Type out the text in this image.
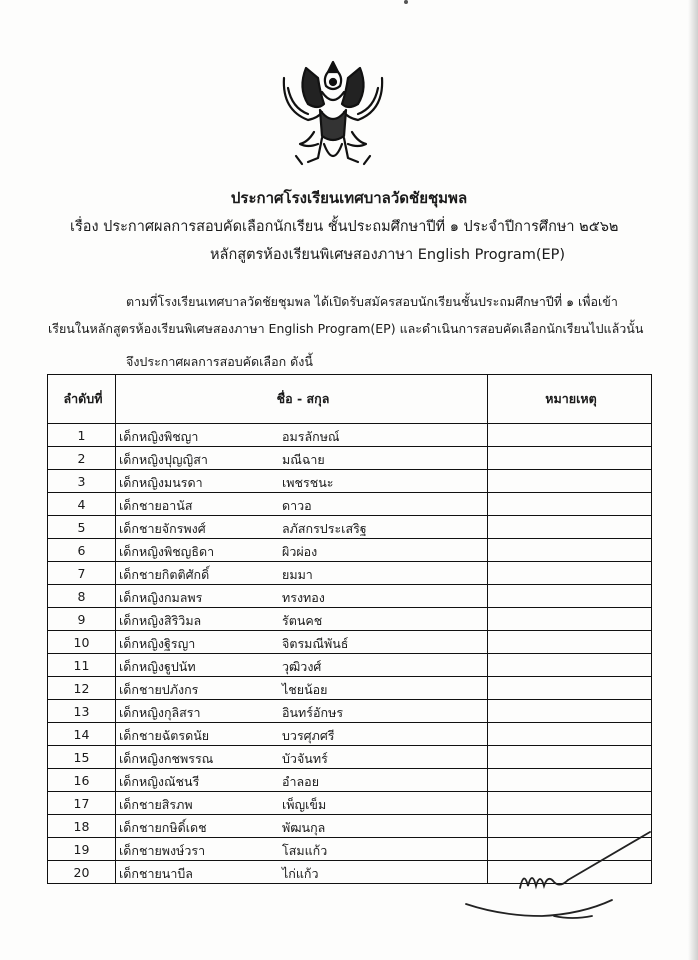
ประกาศโรงเรียนเทศบาลวัดชัยชุมพล
เรื่อง ประกาศผลการสอบคัดเลือกนักเรียน ชั้นประถมศึกษาปีที่ ๑ ประจำปีการศึกษา ๒๕๖๒
หลักสูตรห้องเรียนพิเศษสองภาษา English Program(EP)
ตามที่โรงเรียนเทศบาลวัดชัยชุมพล ได้เปิดรับสมัครสอบนักเรียนชั้นประถมศึกษาปีที่ ๑ เพื่อเข้า
เรียนในหลักสูตรห้องเรียนพิเศษสองภาษา English Program(EP) และดำเนินการสอบคัดเลือกนักเรียนไปแล้วนั้น
จึงประกาศผลการสอบคัดเลือก ดังนี้
ลำดับที่	ชื่อ - สกุล	หมายเหตุ
1	เด็กหญิงพิชญา อมรลักษณ์	

2	เด็กหญิงปุญญิสา มณีฉาย	

3	เด็กหญิงมนรดา เพชรชนะ	

4	เด็กชายอานัส ดาวอ	

5	เด็กชายจักรพงศ์ ลภัสกรประเสริฐ	

6	เด็กหญิงพิชญธิดา ผิวผ่อง	

7	เด็กชายกิตติศักดิ์ ยมมา	

8	เด็กหญิงกมลพร ทรงทอง	

9	เด็กหญิงสิริวิมล รัตนคช	

10	เด็กหญิงฐิรญา จิตรมณีพันธ์	

11	เด็กหญิงฐูปนัท วุฒิวงศ์	

12	เด็กชายปภังกร ไชยน้อย	

13	เด็กหญิงกุลิสรา อินทร์อักษร	

14	เด็กชายฉัตรดนัย บวรศุภศรี	

15	เด็กหญิงกชพรรณ บัวจันทร์	

16	เด็กหญิงณัชนรี อำลอย	

17	เด็กชายสิรภพ เพ็ญเข็ม	

18	เด็กชายกษิดิ์เดช พัฒนกุล	

19	เด็กชายพงษ์วรา โสมแก้ว	

20	เด็กชายนาบีล ไก่แก้ว	
